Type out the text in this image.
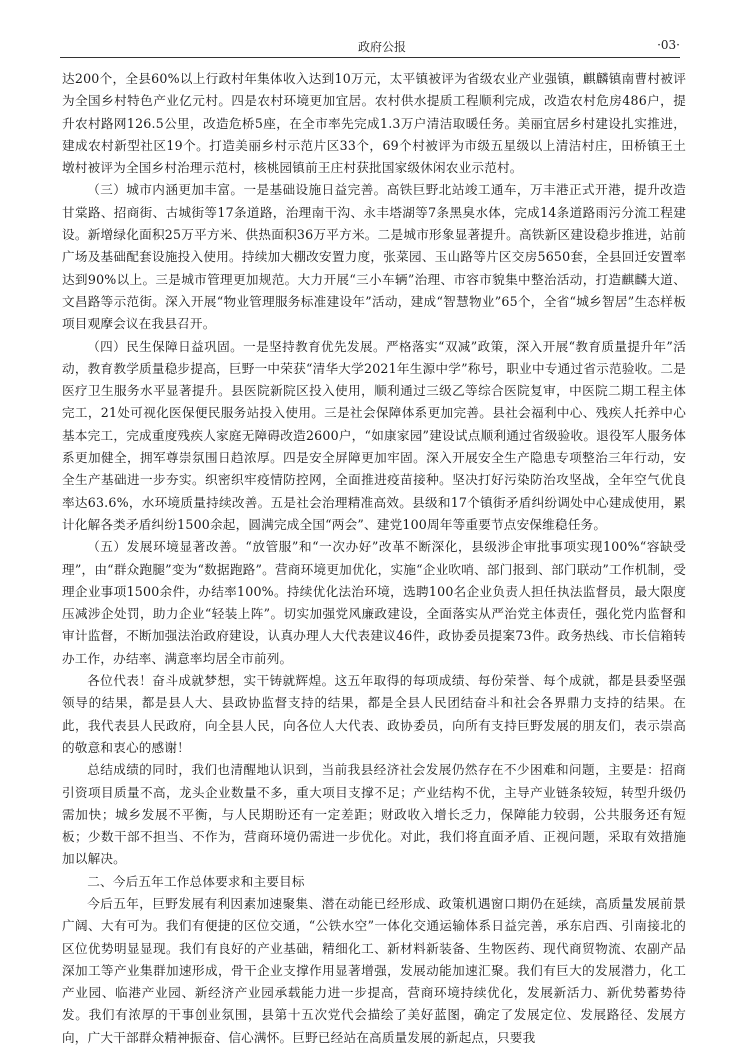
政府公报	·03·

达200个，全县60%以上行政村年集体收入达到10万元，太平镇被评为省级农业产业强镇，麒麟镇南曹村被评为全国乡村特色产业亿元村。四是农村环境更加宜居。农村供水提质工程顺利完成，改造农村危房486户，提升农村路网126.5公里，改造危桥5座，在全市率先完成1.3万户清洁取暖任务。美丽宜居乡村建设扎实推进，建成农村新型社区19个。打造美丽乡村示范片区33个，69个村被评为市级五星级以上清洁村庄，田桥镇王土墩村被评为全国乡村治理示范村，核桃园镇前王庄村获批国家级休闲农业示范村。

（三）城市内涵更加丰富。一是基础设施日益完善。高铁巨野北站竣工通车，万丰港正式开港，提升改造甘棠路、招商街、古城街等17条道路，治理南干沟、永丰塔湖等7条黑臭水体，完成14条道路雨污分流工程建设。新增绿化面积25万平方米、供热面积36万平方米。二是城市形象显著提升。高铁新区建设稳步推进，站前广场及基础配套设施投入使用。持续加大棚改安置力度，张菜园、玉山路等片区交房5650套，全县回迁安置率达到90%以上。三是城市管理更加规范。大力开展“三小车辆”治理、市容市貌集中整治活动，打造麒麟大道、文昌路等示范街。深入开展“物业管理服务标准建设年”活动，建成“智慧物业”65个，全省“城乡智居”生态样板项目观摩会议在我县召开。

（四）民生保障日益巩固。一是坚持教育优先发展。严格落实“双减”政策，深入开展“教育质量提升年”活动，教育教学质量稳步提高，巨野一中荣获“清华大学2021年生源中学”称号，职业中专通过省示范验收。二是医疗卫生服务水平显著提升。县医院新院区投入使用，顺利通过三级乙等综合医院复审，中医院二期工程主体完工，21处可视化医保便民服务站投入使用。三是社会保障体系更加完善。县社会福利中心、残疾人托养中心基本完工，完成重度残疾人家庭无障碍改造2600户，“如康家园”建设试点顺利通过省级验收。退役军人服务体系更加健全，拥军尊崇氛围日趋浓厚。四是安全屏障更加牢固。深入开展安全生产隐患专项整治三年行动，安全生产基础进一步夯实。织密织牢疫情防控网，全面推进疫苗接种。坚决打好污染防治攻坚战，全年空气优良率达63.6%，水环境质量持续改善。五是社会治理精准高效。县级和17个镇街矛盾纠纷调处中心建成使用，累计化解各类矛盾纠纷1500余起，圆满完成全国“两会”、建党100周年等重要节点安保维稳任务。

（五）发展环境显著改善。“放管服”和“一次办好”改革不断深化，县级涉企审批事项实现100%“容缺受理”，由“群众跑腿”变为“数据跑路”。营商环境更加优化，实施“企业吹哨、部门报到、部门联动”工作机制，受理企业事项1500余件，办结率100%。持续优化法治环境，选聘100名企业负责人担任执法监督员，最大限度压减涉企处罚，助力企业“轻装上阵”。切实加强党风廉政建设，全面落实从严治党主体责任，强化党内监督和审计监督，不断加强法治政府建设，认真办理人大代表建议46件，政协委员提案73件。政务热线、市长信箱转办工作，办结率、满意率均居全市前列。

各位代表！奋斗成就梦想，实干铸就辉煌。这五年取得的每项成绩、每份荣誉、每个成就，都是县委坚强领导的结果，都是县人大、县政协监督支持的结果，都是全县人民团结奋斗和社会各界鼎力支持的结果。在此，我代表县人民政府，向全县人民，向各位人大代表、政协委员，向所有支持巨野发展的朋友们，表示崇高的敬意和衷心的感谢！

总结成绩的同时，我们也清醒地认识到，当前我县经济社会发展仍然存在不少困难和问题，主要是：招商引资项目质量不高，龙头企业数量不多，重大项目支撑不足；产业结构不优，主导产业链条较短，转型升级仍需加快；城乡发展不平衡，与人民期盼还有一定差距；财政收入增长乏力，保障能力较弱，公共服务还有短板；少数干部不担当、不作为，营商环境仍需进一步优化。对此，我们将直面矛盾、正视问题，采取有效措施加以解决。

二、今后五年工作总体要求和主要目标

今后五年，巨野发展有利因素加速聚集、潜在动能已经形成、政策机遇窗口期仍在延续，高质量发展前景广阔、大有可为。我们有便捷的区位交通，“公铁水空”一体化交通运输体系日益完善，承东启西、引南接北的区位优势明显显现。我们有良好的产业基础，精细化工、新材料新装备、生物医药、现代商贸物流、农副产品深加工等产业集群加速形成，骨干企业支撑作用显著增强，发展动能加速汇聚。我们有巨大的发展潜力，化工产业园、临港产业园、新经济产业园承载能力进一步提高，营商环境持续优化，发展新活力、新优势蓄势待发。我们有浓厚的干事创业氛围，县第十五次党代会描绘了美好蓝图，确定了发展定位、发展路径、发展方向，广大干部群众精神振奋、信心满怀。巨野已经站在高质量发展的新起点，只要我
